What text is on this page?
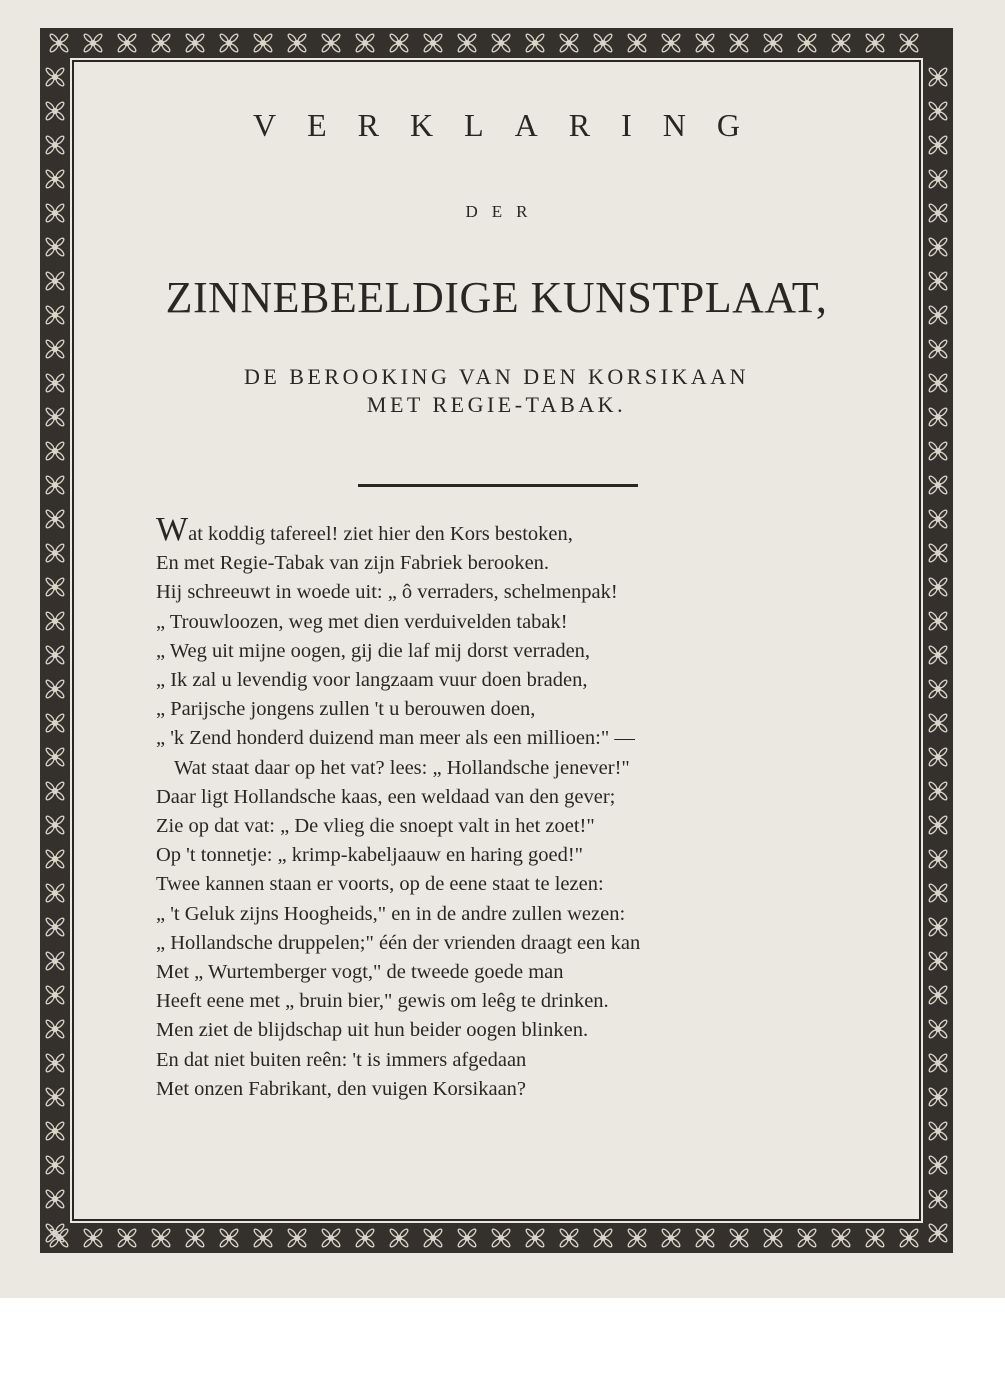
VERKLARING
DER
ZINNEBEELDIGE KUNSTPLAAT,
DE BEROOKING VAN DEN KORSIKAAN
MET REGIE-TABAK.
Wat koddig tafereel! ziet hier den Kors bestoken,
En met Regie-Tabak van zijn Fabriek berooken.
Hij schreeuwt in woede uit: „ ô verraders, schelmenpak!
„ Trouwloozen, weg met dien verduivelden tabak!
„ Weg uit mijne oogen, gij die laf mij dorst verraden,
„ Ik zal u levendig voor langzaam vuur doen braden,
„ Parijsche jongens zullen 't u berouwen doen,
„ 'k Zend honderd duizend man meer als een millioen:" —
Wat staat daar op het vat? lees: „ Hollandsche jenever!"
Daar ligt Hollandsche kaas, een weldaad van den gever;
Zie op dat vat: „ De vlieg die snoept valt in het zoet!"
Op 't tonnetje: „ krimp-kabeljaauw en haring goed!"
Twee kannen staan er voorts, op de eene staat te lezen:
„ 't Geluk zijns Hoogheids," en in de andre zullen wezen:
„ Hollandsche druppelen;" één der vrienden draagt een kan
Met „ Wurtemberger vogt," de tweede goede man
Heeft eene met „ bruin bier," gewis om leêg te drinken.
Men ziet de blijdschap uit hun beider oogen blinken.
En dat niet buiten reên: 't is immers afgedaan
Met onzen Fabrikant, den vuigen Korsikaan?
